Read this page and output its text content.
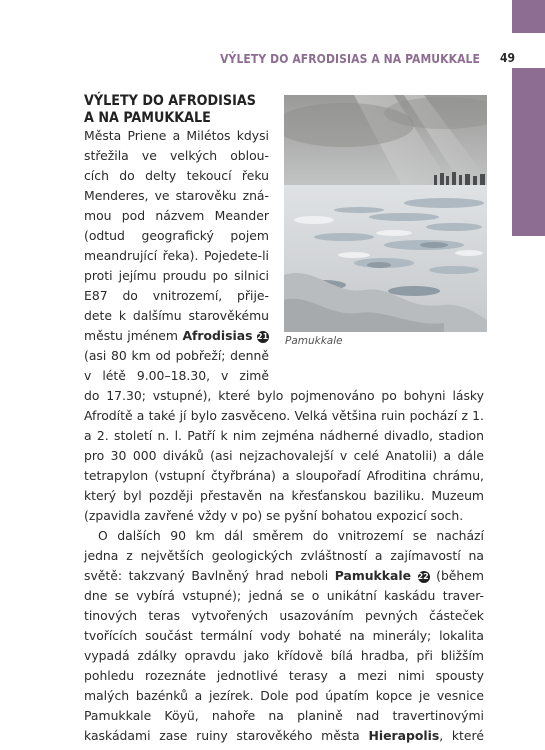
VÝLETY DO AFRODISIAS A NA PAMUKKALE 49
Pamukkale
VÝLETY DO AFRODISIAS
A NA PAMUKKALE
Města Priene a Milétos kdysi
střežila ve velkých oblou-
cích do delty tekoucí řeku
Menderes, ve starověku zná-
mou pod názvem Meander
(odtud geografický pojem
meandrující řeka). Pojedete-li
proti jejímu proudu po silnici
E87 do vnitrozemí, přije-
dete k dalšímu starověkému
městu jménem Afrodisias 21
(asi 80 km od pobřeží; denně
v létě 9.00–18.30, v zimě
do 17.30; vstupné), které bylo pojmenováno po bohyni lásky
Afrodítě a také jí bylo zasvěceno. Velká většina ruin pochází z 1.
a 2. století n. l. Patří k nim zejména nádherné divadlo, stadion
pro 30 000 diváků (asi nejzachovalejší v celé Anatolii) a dále
tetrapylon (vstupní čtyřbrána) a sloupořadí Afroditina chrámu,
který byl později přestavěn na křesťanskou baziliku. Muzeum
(zpavidla zavřené vždy v po) se pyšní bohatou expozicí soch.
O dalších 90 km dál směrem do vnitrozemí se nachází
jedna z největších geologických zvláštností a zajímavostí na
světě: takzvaný Bavlněný hrad neboli Pamukkale 22 (během
dne se vybírá vstupné); jedná se o unikátní kaskádu traver-
tinových teras vytvořených usazováním pevných částeček
tvořících součást termální vody bohaté na minerály; lokalita
vypadá zdálky opravdu jako křídově bílá hradba, při bližším
pohledu rozeznáte jednotlivé terasy a mezi nimi spousty
malých bazénků a jezírek. Dole pod úpatím kopce je vesnice
Pamukkale Köyü, nahoře na planině nad travertinovými
kaskádami zase ruiny starověkého města Hierapolis, které
